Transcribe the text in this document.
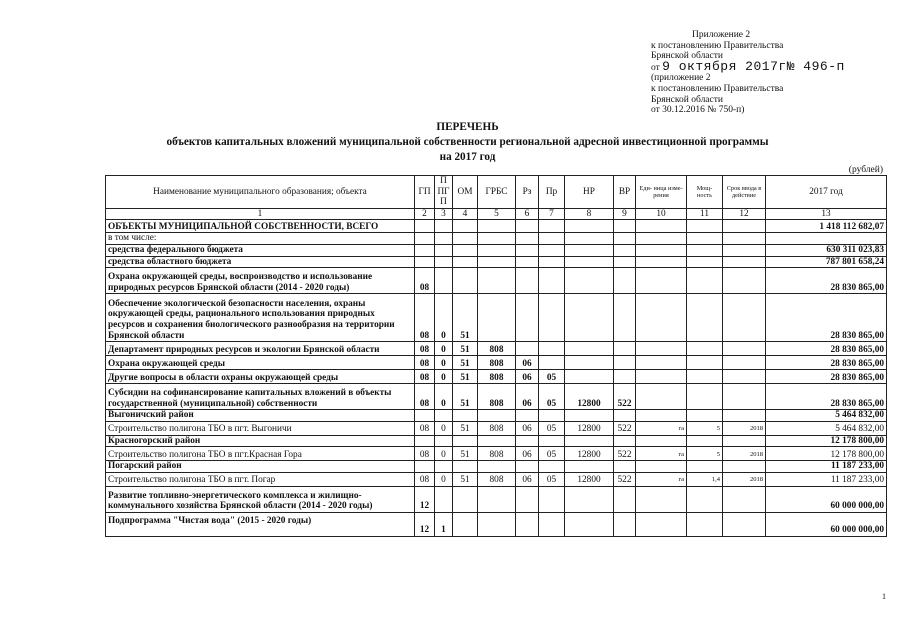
Приложение 2
к постановлению Правительства
Брянской области
от 9 октября 2017г№ 496-п
(приложение 2
к постановлению Правительства
Брянской области
от 30.12.2016 № 750-п)
ПЕРЕЧЕНЬ
объектов капитальных вложений муниципальной собственности региональной адресной инвестиционной программы
на 2017 год
(рублей)
Наименование муниципального образования; объекта	ГП	ППГП	ОМ	ГРБС	Рз	Пр	НР	ВР	Еди- ница изме- рения	Мощ- ность	Срок ввода в действие	2017 год
1	2	3	4	5	6	7	8	9	10	11	12	13
ОБЪЕКТЫ МУНИЦИПАЛЬНОЙ СОБСТВЕННОСТИ, ВСЕГО												1 418 112 682,07
в том числе:												
средства федерального бюджета												630 311 023,83
средства областного бюджета												787 801 658,24
Охрана окружающей среды, воспроизводство и использование природных ресурсов Брянской области (2014 - 2020 годы)	08											28 830 865,00
Обеспечение экологической безопасности населения, охраны окружающей среды, рационального использования природных ресурсов и сохранения биологического разнообразия на территории Брянской области	08	0	51									28 830 865,00
Департамент природных ресурсов и экологии Брянской области	08	0	51	808								28 830 865,00
Охрана окружающей среды	08	0	51	808	06							28 830 865,00
Другие вопросы в области охраны окружающей среды	08	0	51	808	06	05						28 830 865,00
Субсидии на софинансирование капитальных вложений в объекты государственной (муниципальной) собственности	08	0	51	808	06	05	12800	522				28 830 865,00
Выгоничский район												5 464 832,00
Строительство полигона ТБО в пгт. Выгоничи	08	0	51	808	06	05	12800	522	га	5	2018	5 464 832,00
Красногорский район												12 178 800,00
Строительство полигона ТБО в пгт.Красная Гора	08	0	51	808	06	05	12800	522	га	5	2018	12 178 800,00
Погарский район												11 187 233,00
Строительство полигона ТБО в пгт. Погар	08	0	51	808	06	05	12800	522	га	1,4	2018	11 187 233,00
Развитие топливно-энергетического комплекса и жилищно-коммунального хозяйства Брянской области (2014 - 2020 годы)	12											60 000 000,00
Подпрограмма "Чистая вода" (2015 - 2020 годы)	12	1										60 000 000,00
1
